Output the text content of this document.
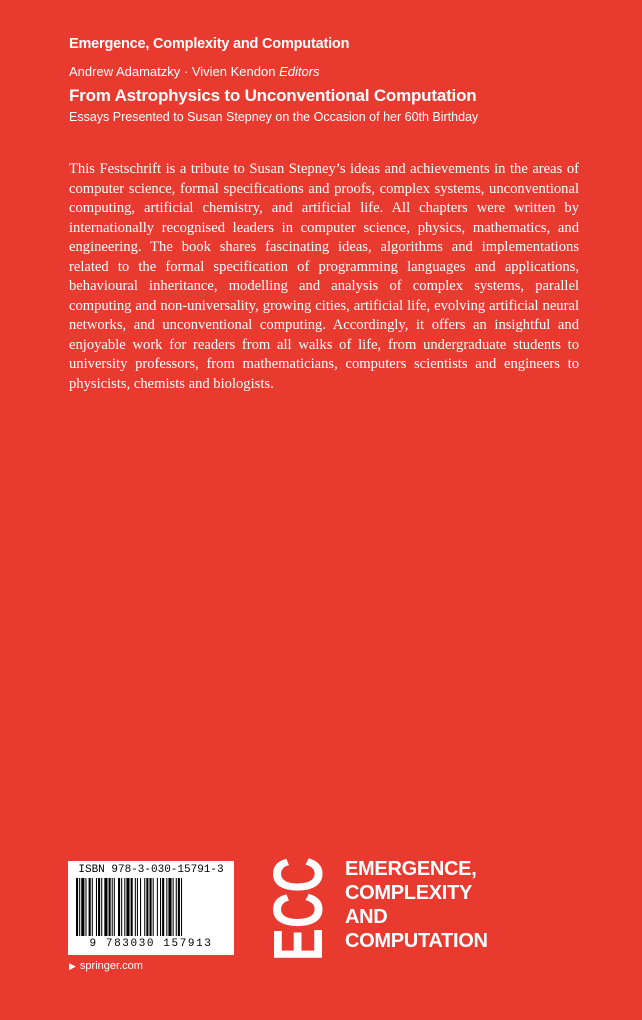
Emergence, Complexity and Computation
Andrew Adamatzky · Vivien Kendon Editors
From Astrophysics to Unconventional Computation
Essays Presented to Susan Stepney on the Occasion of her 60th Birthday
This Festschrift is a tribute to Susan Stepney’s ideas and achievements in the areas of computer science, formal specifications and proofs, complex systems, unconventional computing, artificial chemistry, and artificial life. All chapters were written by internationally recognised leaders in computer science, physics, mathematics, and engineering. The book shares fascinating ideas, algorithms and implementations related to the formal specification of programming languages and applications, behavioural inheritance, modelling and analysis of complex systems, parallel computing and non-universality, growing cities, artificial life, evolving artificial neural networks, and unconventional computing. Accordingly, it offers an insightful and enjoyable work for readers from all walks of life, from undergraduate students to university professors, from mathematicians, computers scientists and engineers to physicists, chemists and biologists.
ISBN 978-3-030-15791-3
9 783030 157913
▶ springer.com
ECC EMERGENCE,
COMPLEXITY
AND
COMPUTATION
